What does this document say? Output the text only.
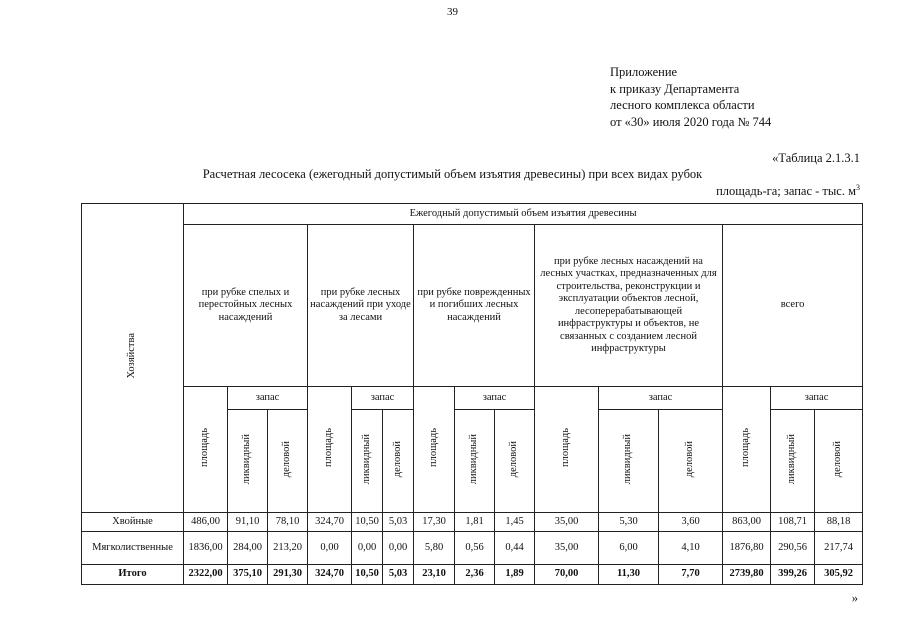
39
Приложение
к приказу Департамента
лесного комплекса области
от «30» июля 2020 года № 744
«Таблица 2.1.3.1
Расчетная лесосека (ежегодный допустимый объем изъятия древесины) при всех видах рубок
площадь-га; запас - тыс. $м^3$
Хозяйства	Ежегодный допустимый объем изъятия древесины														
	при рубке спелых и перестойных лесных насаждений			при рубке лесных насаждений при уходе за лесами			при рубке поврежденных и погибших лесных насаждений			при рубке лесных насаждений на лесных участках, предназначенных для строительства, реконструкции и эксплуатации объектов лесной, лесоперерабатывающей инфраструктуры и объектов, не связанных с созданием лесной инфраструктуры			всего		
	площадь	запас		площадь	запас		площадь	запас		площадь	запас		площадь	запас	
		ликвидный	деловой		ликвидный	деловой		ликвидный	деловой		ликвидный	деловой		ликвидный	деловой
Хвойные	486,00	91,10	78,10	324,70	10,50	5,03	17,30	1,81	1,45	35,00	5,30	3,60	863,00	108,71	88,18
Мягколиственные	1836,00	284,00	213,20	0,00	0,00	0,00	5,80	0,56	0,44	35,00	6,00	4,10	1876,80	290,56	217,74
Итого	2322,00	375,10	291,30	324,70	10,50	5,03	23,10	2,36	1,89	70,00	11,30	7,70	2739,80	399,26	305,92
»
